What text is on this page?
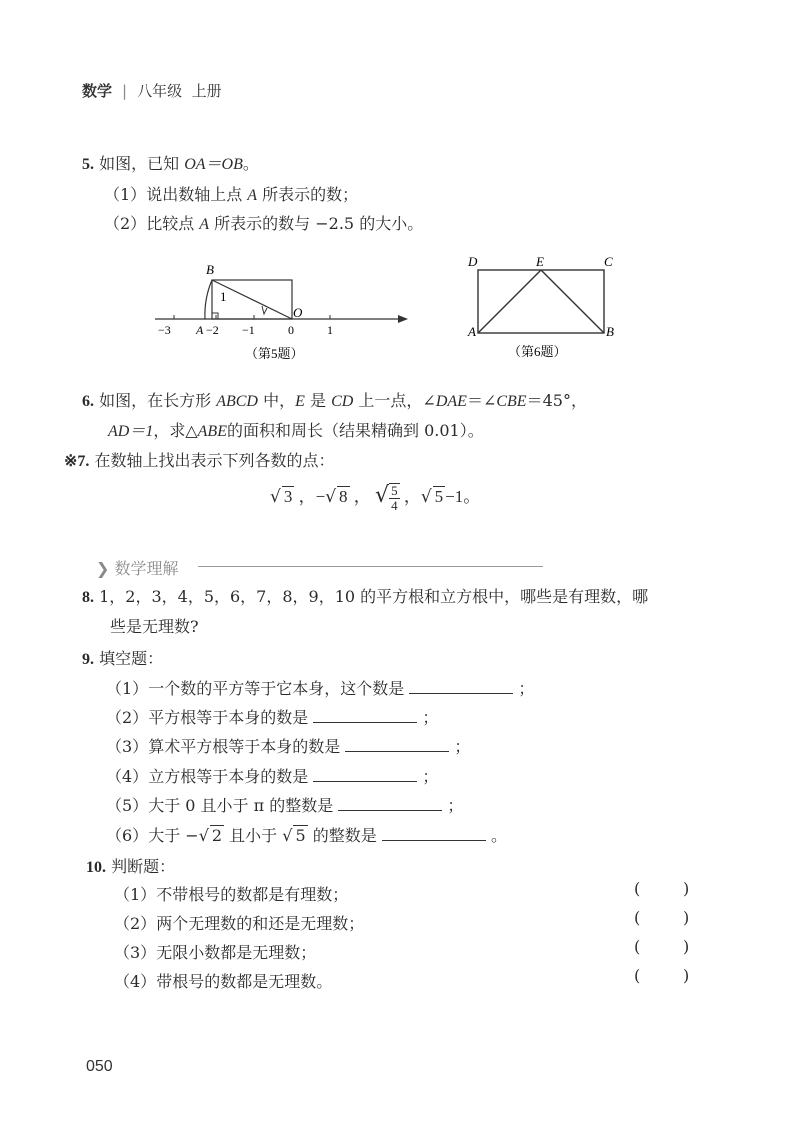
数学 | 八年级 上册
5. 如图，已知 OA＝OB。
（1）说出数轴上点 A 所表示的数；
（2）比较点 A 所表示的数与 −2.5 的大小。
B
1
O
−3 A −2 −1	0	1
（第5题）
D	E	C
A	B
（第6题）
6. 如图，在长方形 ABCD 中，E 是 CD 上一点，∠DAE＝∠CBE＝45°，
AD＝1，求△ABE的面积和周长（结果精确到 0.01）。
※7. 在数轴上找出表示下列各数的点：
√ 3 ，−√ 8 ， √ $\frac{5}{4}$ ，√ 5 −1。
❯ 数学理解
8. 1，2，3，4，5，6，7，8，9，10 的平方根和立方根中，哪些是有理数，哪
些是无理数?
9. 填空题：
（1）一个数的平方等于它本身，这个数是	；
（2）平方根等于本身的数是	；
（3）算术平方根等于本身的数是	；
（4）立方根等于本身的数是	；
（5）大于 0 且小于 π 的整数是	；
（6）大于 −√ 2 且小于 √ 5 的整数是	。
10. 判断题：
（1）不带根号的数都是有理数；	(	)
（2）两个无理数的和还是无理数；	(	)
（3）无限小数都是无理数；	(	)
（4）带根号的数都是无理数。	(	)
050
